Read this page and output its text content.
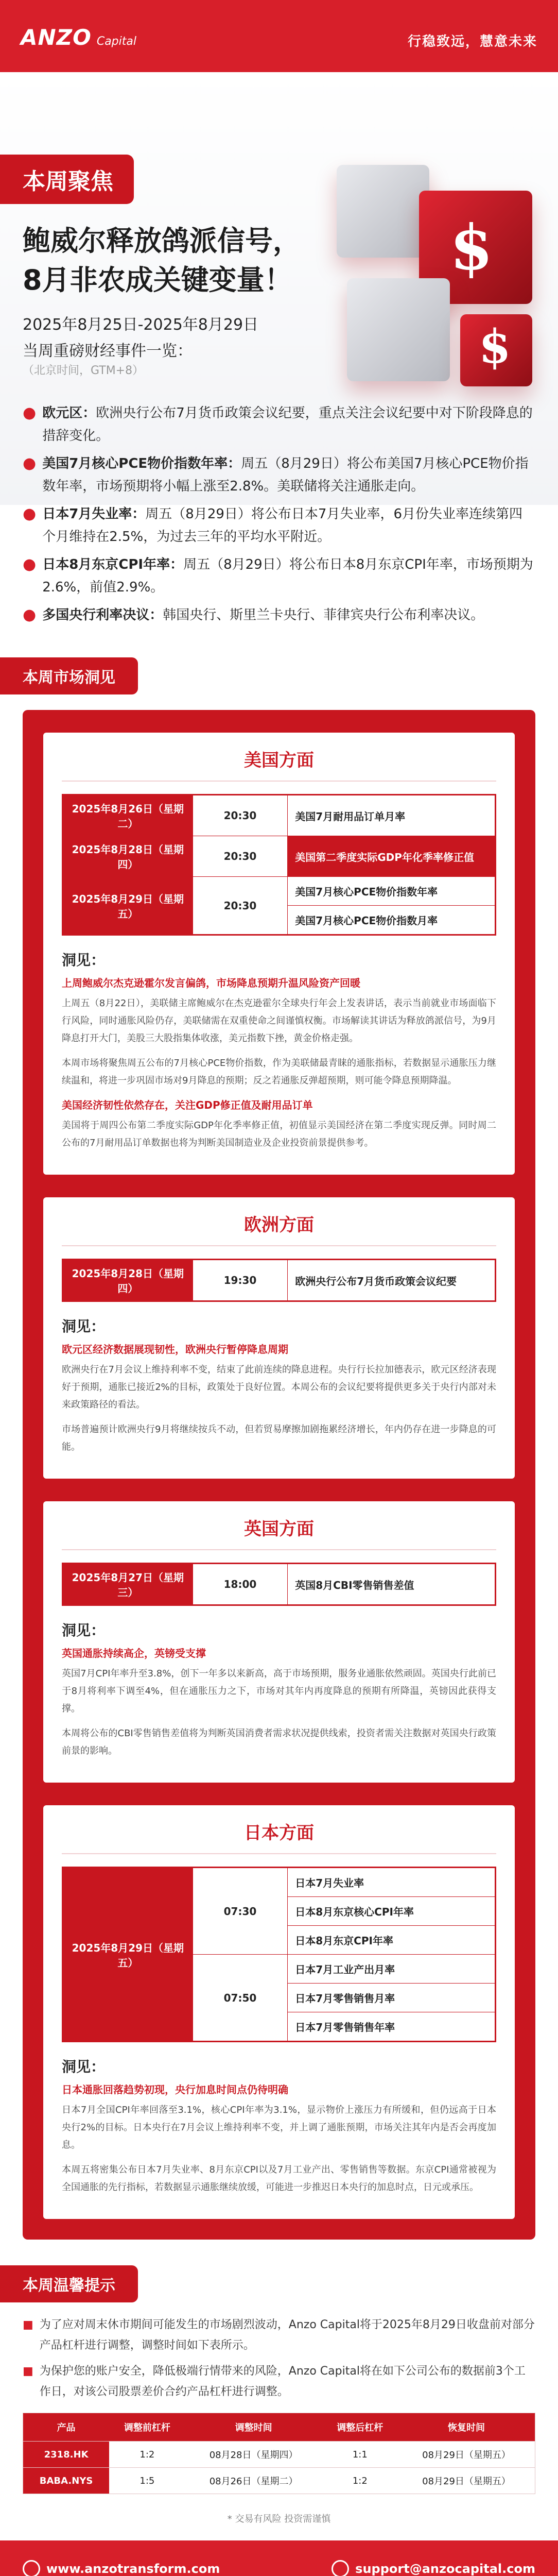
ANZO Capital	行稳致远，慧意未来
本周聚焦
鲍威尔释放鸽派信号，8月非农成关键变量！
2025年8月25日-2025年8月29日
当周重磅财经事件一览：
（北京时间，GTM+8）
$
$
● 欧元区：欧洲央行公布7月货币政策会议纪要，重点关注会议纪要中对下阶段降息的措辞变化。
● 美国7月核心PCE物价指数年率：周五（8月29日）将公布美国7月核心PCE物价指数年率，市场预期将小幅上涨至2.8%。美联储将关注通胀走向。
● 日本7月失业率：周五（8月29日）将公布日本7月失业率，6月份失业率连续第四个月维持在2.5%，为过去三年的平均水平附近。
● 日本8月东京CPI年率：周五（8月29日）将公布日本8月东京CPI年率，市场预期为2.6%，前值2.9%。
● 多国央行利率决议：韩国央行、斯里兰卡央行、菲律宾央行公布利率决议。
本周市场洞见
美国方面
2025年8月26日（星期二）	20:30	美国7月耐用品订单月率
2025年8月28日（星期四）	20:30	美国第二季度实际GDP年化季率修正值
2025年8月29日（星期五）	20:30	美国7月核心PCE物价指数年率
		美国7月核心PCE物价指数月率
洞见：
上周鲍威尔杰克逊霍尔发言偏鸽，市场降息预期升温风险资产回暖

上周五（8月22日），美联储主席鲍威尔在杰克逊霍尔全球央行年会上发表讲话，表示当前就业市场面临下行风险，同时通胀风险仍存，美联储需在双重使命之间谨慎权衡。市场解读其讲话为释放鸽派信号，为9月降息打开大门，美股三大股指集体收涨，美元指数下挫，黄金价格走强。

本周市场将聚焦周五公布的7月核心PCE物价指数，作为美联储最青睐的通胀指标，若数据显示通胀压力继续温和，将进一步巩固市场对9月降息的预期；反之若通胀反弹超预期，则可能令降息预期降温。

美国经济韧性依然存在，关注GDP修正值及耐用品订单

美国将于周四公布第二季度实际GDP年化季率修正值，初值显示美国经济在第二季度实现反弹。同时周二公布的7月耐用品订单数据也将为判断美国制造业及企业投资前景提供参考。

欧洲方面
2025年8月28日（星期四）	19:30	欧洲央行公布7月货币政策会议纪要
洞见：
欧元区经济数据展现韧性，欧洲央行暂停降息周期

欧洲央行在7月会议上维持利率不变，结束了此前连续的降息进程。央行行长拉加德表示，欧元区经济表现好于预期，通胀已接近2%的目标，政策处于良好位置。本周公布的会议纪要将提供更多关于央行内部对未来政策路径的看法。

市场普遍预计欧洲央行9月将继续按兵不动，但若贸易摩擦加剧拖累经济增长，年内仍存在进一步降息的可能。

英国方面
2025年8月27日（星期三）	18:00	英国8月CBI零售销售差值
洞见：
英国通胀持续高企，英镑受支撑

英国7月CPI年率升至3.8%，创下一年多以来新高，高于市场预期，服务业通胀依然顽固。英国央行此前已于8月将利率下调至4%，但在通胀压力之下，市场对其年内再度降息的预期有所降温，英镑因此获得支撑。

本周将公布的CBI零售销售差值将为判断英国消费者需求状况提供线索，投资者需关注数据对英国央行政策前景的影响。

日本方面
2025年8月29日（星期五）	07:30	日本7月失业率
		日本8月东京核心CPI年率
		日本8月东京CPI年率
	07:50	日本7月工业产出月率
		日本7月零售销售月率
		日本7月零售销售年率
洞见：
日本通胀回落趋势初现，央行加息时间点仍待明确

日本7月全国CPI年率回落至3.1%，核心CPI年率为3.1%，显示物价上涨压力有所缓和，但仍远高于日本央行2%的目标。日本央行在7月会议上维持利率不变，并上调了通胀预期，市场关注其年内是否会再度加息。

本周五将密集公布日本7月失业率、8月东京CPI以及7月工业产出、零售销售等数据。东京CPI通常被视为全国通胀的先行指标，若数据显示通胀继续放缓，可能进一步推迟日本央行的加息时点，日元或承压。

本周温馨提示
■ 为了应对周末休市期间可能发生的市场剧烈波动，Anzo Capital将于2025年8月29日收盘前对部分产品杠杆进行调整，调整时间如下表所示。
■ 为保护您的账户安全，降低极端行情带来的风险，Anzo Capital将在如下公司公布的数据前3个工作日，对该公司股票差价合约产品杠杆进行调整。
产品	调整前杠杆	调整时间	调整后杠杆	恢复时间
2318.HK	1:2	08月28日（星期四）	1:1	08月29日（星期五）
BABA.NYS	1:5	08月26日（星期二）	1:2	08月29日（星期五）
* 交易有风险 投资需谨慎
www.anzotransform.com	support@anzocapital.com
